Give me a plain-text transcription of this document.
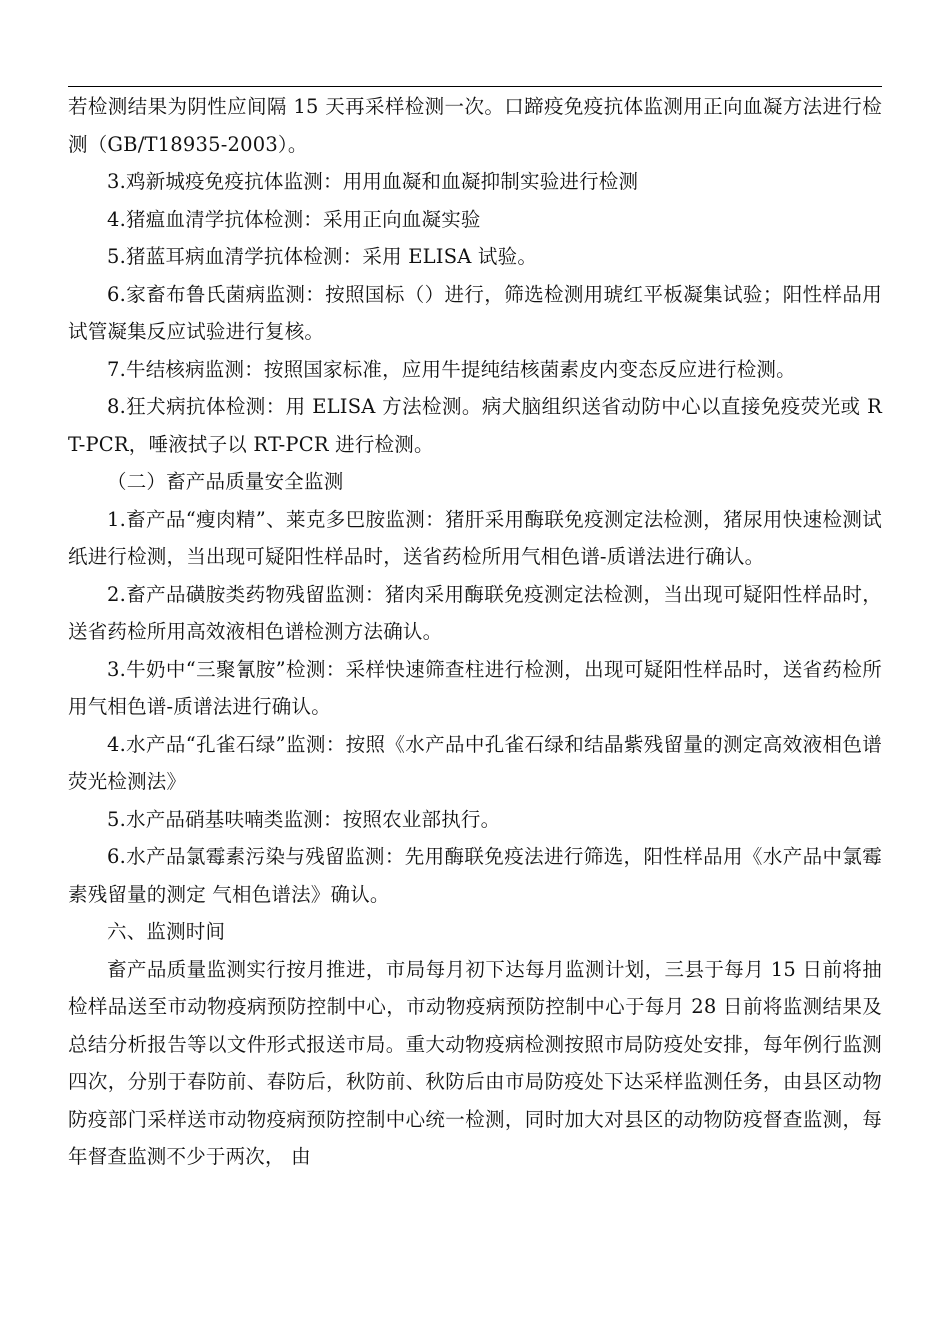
若检测结果为阴性应间隔 15 天再采样检测一次。口蹄疫免疫抗体监测用正向血凝方法进行检测（GB/T18935-2003）。

3.鸡新城疫免疫抗体监测：用用血凝和血凝抑制实验进行检测

4.猪瘟血清学抗体检测：采用正向血凝实验

5.猪蓝耳病血清学抗体检测：采用 ELISA 试验。

6.家畜布鲁氏菌病监测：按照国标（）进行，筛选检测用琥红平板凝集试验；阳性样品用试管凝集反应试验进行复核。

7.牛结核病监测：按照国家标准，应用牛提纯结核菌素皮内变态反应进行检测。

8.狂犬病抗体检测：用 ELISA 方法检测。病犬脑组织送省动防中心以直接免疫荧光或 RT-PCR，唾液拭子以 RT-PCR 进行检测。

（二）畜产品质量安全监测

1.畜产品“瘦肉精”、莱克多巴胺监测：猪肝采用酶联免疫测定法检测，猪尿用快速检测试纸进行检测，当出现可疑阳性样品时，送省药检所用气相色谱-质谱法进行确认。

2.畜产品磺胺类药物残留监测：猪肉采用酶联免疫测定法检测，当出现可疑阳性样品时，送省药检所用高效液相色谱检测方法确认。

3.牛奶中“三聚氰胺”检测：采样快速筛查柱进行检测，出现可疑阳性样品时，送省药检所用气相色谱-质谱法进行确认。

4.水产品“孔雀石绿”监测：按照《水产品中孔雀石绿和结晶紫残留量的测定高效液相色谱荧光检测法》

5.水产品硝基呋喃类监测：按照农业部执行。

6.水产品氯霉素污染与残留监测：先用酶联免疫法进行筛选，阳性样品用《水产品中氯霉素残留量的测定 气相色谱法》确认。

六、监测时间

畜产品质量监测实行按月推进，市局每月初下达每月监测计划，三县于每月 15 日前将抽检样品送至市动物疫病预防控制中心，市动物疫病预防控制中心于每月 28 日前将监测结果及总结分析报告等以文件形式报送市局。重大动物疫病检测按照市局防疫处安排，每年例行监测四次，分别于春防前、春防后，秋防前、秋防后由市局防疫处下达采样监测任务，由县区动物防疫部门采样送市动物疫病预防控制中心统一检测，同时加大对县区的动物防疫督查监测，每年督查监测不少于两次， 由
